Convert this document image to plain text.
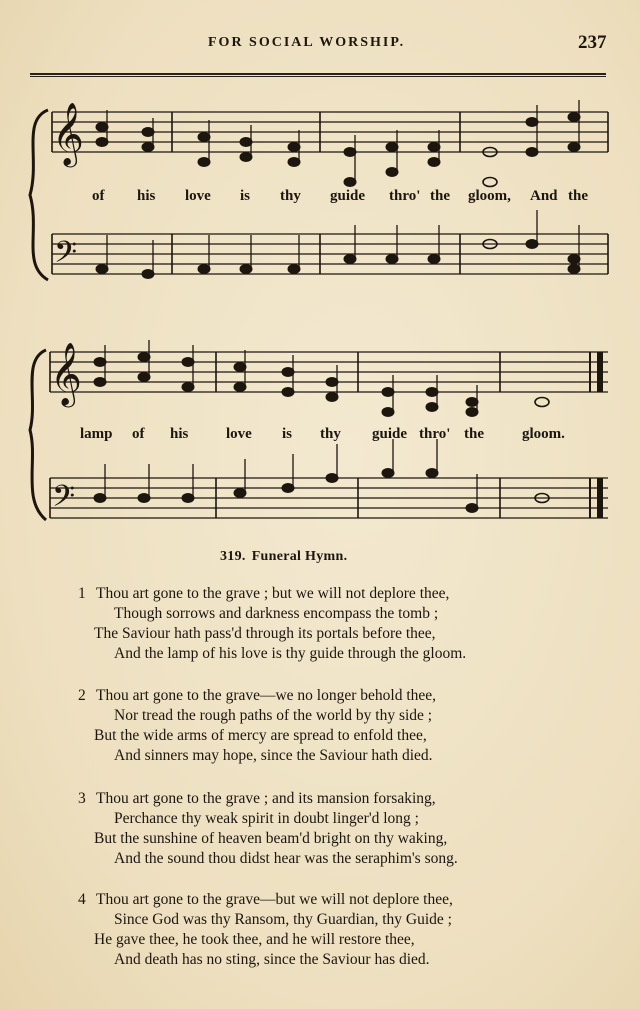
FOR SOCIAL WORSHIP.	237
𝄞
𝄢
of his love is thy guide thro' the gloom, And the
𝄞
𝄢
lamp of his	love is thy guide thro' the	gloom.
319. Funeral Hymn.
1 Thou art gone to the grave ; but we will not deplore thee,
Though sorrows and darkness encompass the tomb ;
The Saviour hath pass'd through its portals before thee,
And the lamp of his love is thy guide through the gloom.
2 Thou art gone to the grave—we no longer behold thee,
Nor tread the rough paths of the world by thy side ;
But the wide arms of mercy are spread to enfold thee,
And sinners may hope, since the Saviour hath died.
3 Thou art gone to the grave ; and its mansion forsaking,
Perchance thy weak spirit in doubt linger'd long ;
But the sunshine of heaven beam'd bright on thy waking,
And the sound thou didst hear was the seraphim's song.
4 Thou art gone to the grave—but we will not deplore thee,
Since God was thy Ransom, thy Guardian, thy Guide ;
He gave thee, he took thee, and he will restore thee,
And death has no sting, since the Saviour has died.
